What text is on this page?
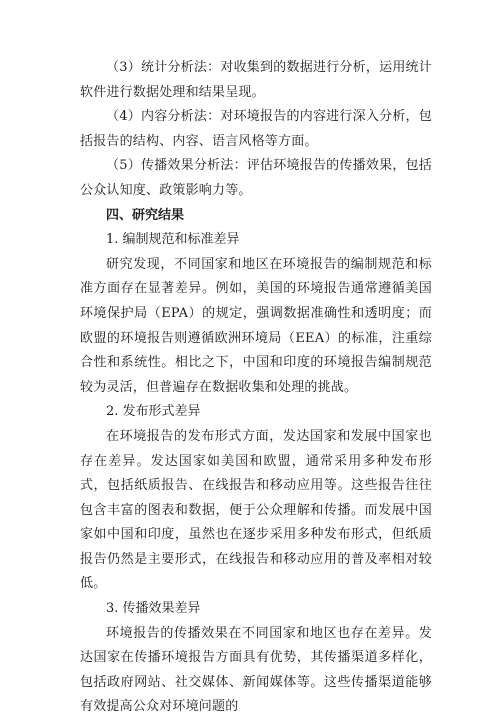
（3）统计分析法：对收集到的数据进行分析，运用统计软件进行数据处理和结果呈现。

（4）内容分析法：对环境报告的内容进行深入分析，包括报告的结构、内容、语言风格等方面。

（5）传播效果分析法：评估环境报告的传播效果，包括公众认知度、政策影响力等。

四、研究结果

1. 编制规范和标准差异

研究发现，不同国家和地区在环境报告的编制规范和标准方面存在显著差异。例如，美国的环境报告通常遵循美国环境保护局（EPA）的规定，强调数据准确性和透明度；而欧盟的环境报告则遵循欧洲环境局（EEA）的标准，注重综合性和系统性。相比之下，中国和印度的环境报告编制规范较为灵活，但普遍存在数据收集和处理的挑战。

2. 发布形式差异

在环境报告的发布形式方面，发达国家和发展中国家也存在差异。发达国家如美国和欧盟，通常采用多种发布形式，包括纸质报告、在线报告和移动应用等。这些报告往往包含丰富的图表和数据，便于公众理解和传播。而发展中国家如中国和印度，虽然也在逐步采用多种发布形式，但纸质报告仍然是主要形式，在线报告和移动应用的普及率相对较低。

3. 传播效果差异

环境报告的传播效果在不同国家和地区也存在差异。发达国家在传播环境报告方面具有优势，其传播渠道多样化，包括政府网站、社交媒体、新闻媒体等。这些传播渠道能够有效提高公众对环境问题的
